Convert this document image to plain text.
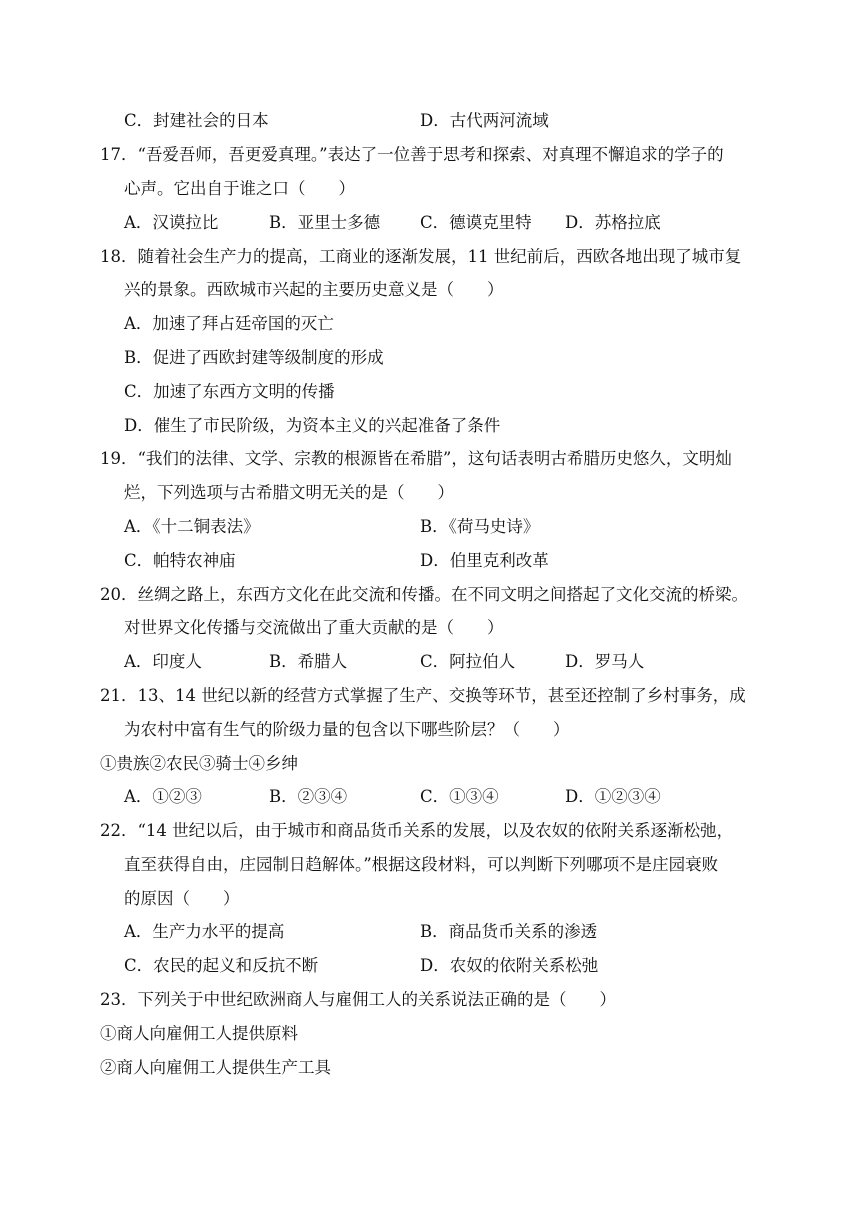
C．封建社会的日本	D．古代两河流域
17．“吾爱吾师，吾更爱真理。”表达了一位善于思考和探索、对真理不懈追求的学子的
心声。它出自于谁之口（　　）
A．汉谟拉比	B．亚里士多德 C．德谟克里特 D．苏格拉底
18．随着社会生产力的提高，工商业的逐渐发展，11 世纪前后，西欧各地出现了城市复
兴的景象。西欧城市兴起的主要历史意义是（　　）
A．加速了拜占廷帝国的灭亡
B．促进了西欧封建等级制度的形成
C．加速了东西方文明的传播
D．催生了市民阶级，为资本主义的兴起准备了条件
19．“我们的法律、文学、宗教的根源皆在希腊”，这句话表明古希腊历史悠久，文明灿
烂，下列选项与古希腊文明无关的是（　　）
A．《十二铜表法》	B．《荷马史诗》
C．帕特农神庙	D．伯里克利改革
20．丝绸之路上，东西方文化在此交流和传播。在不同文明之间搭起了文化交流的桥梁。
对世界文化传播与交流做出了重大贡献的是（　　）
A．印度人	B．希腊人	C．阿拉伯人	D．罗马人
21．13、14 世纪以新的经营方式掌握了生产、交换等环节，甚至还控制了乡村事务，成
为农村中富有生气的阶级力量的包含以下哪些阶层？（　　）
①贵族②农民③骑士④乡绅
A．①②③	B．②③④	C．①③④	D．①②③④
22．“14 世纪以后，由于城市和商品货币关系的发展，以及农奴的依附关系逐渐松弛，
直至获得自由，庄园制日趋解体。”根据这段材料，可以判断下列哪项不是庄园衰败
的原因（　　）
A．生产力水平的提高	B．商品货币关系的渗透
C．农民的起义和反抗不断	D．农奴的依附关系松弛
23．下列关于中世纪欧洲商人与雇佣工人的关系说法正确的是（　　）
①商人向雇佣工人提供原料
②商人向雇佣工人提供生产工具
